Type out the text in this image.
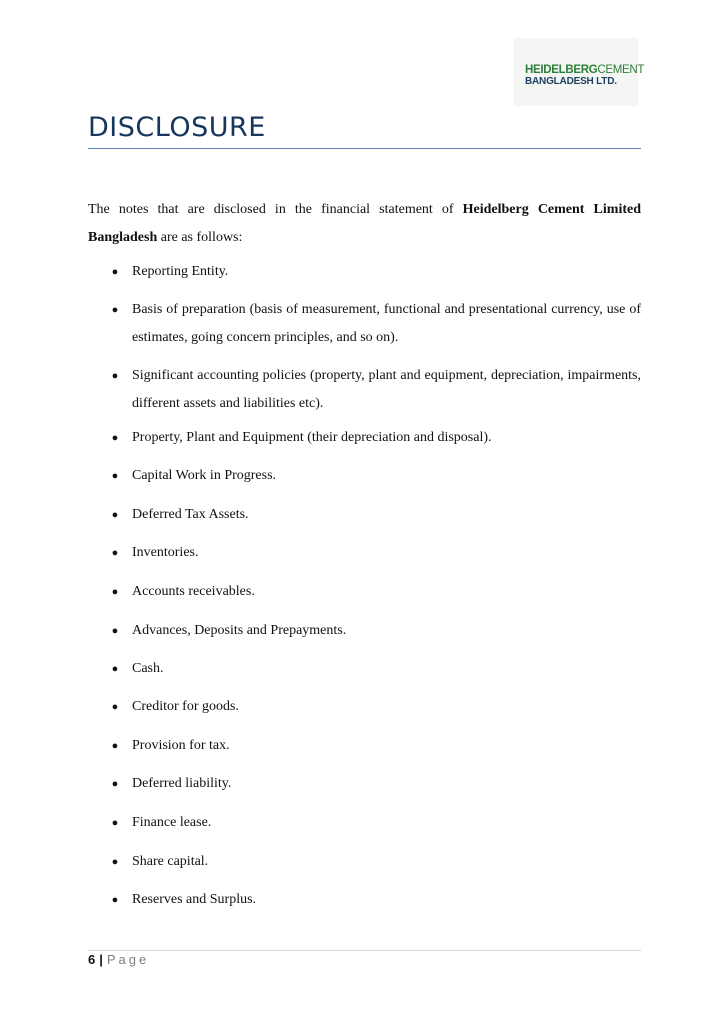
HEIDELBERGCEMENT
BANGLADESH LTD.
DISCLOSURE

The notes that are disclosed in the financial statement of Heidelberg Cement Limited Bangladesh are as follows:

● Reporting Entity.
● Basis of preparation (basis of measurement, functional and presentational currency, use of estimates, going concern principles, and so on).
● Significant accounting policies (property, plant and equipment, depreciation, impairments, different assets and liabilities etc).
● Property, Plant and Equipment (their depreciation and disposal).
● Capital Work in Progress.
● Deferred Tax Assets.
● Inventories.
● Accounts receivables.
● Advances, Deposits and Prepayments.
● Cash.
● Creditor for goods.
● Provision for tax.
● Deferred liability.
● Finance lease.
● Share capital.
● Reserves and Surplus.
6 | Page
